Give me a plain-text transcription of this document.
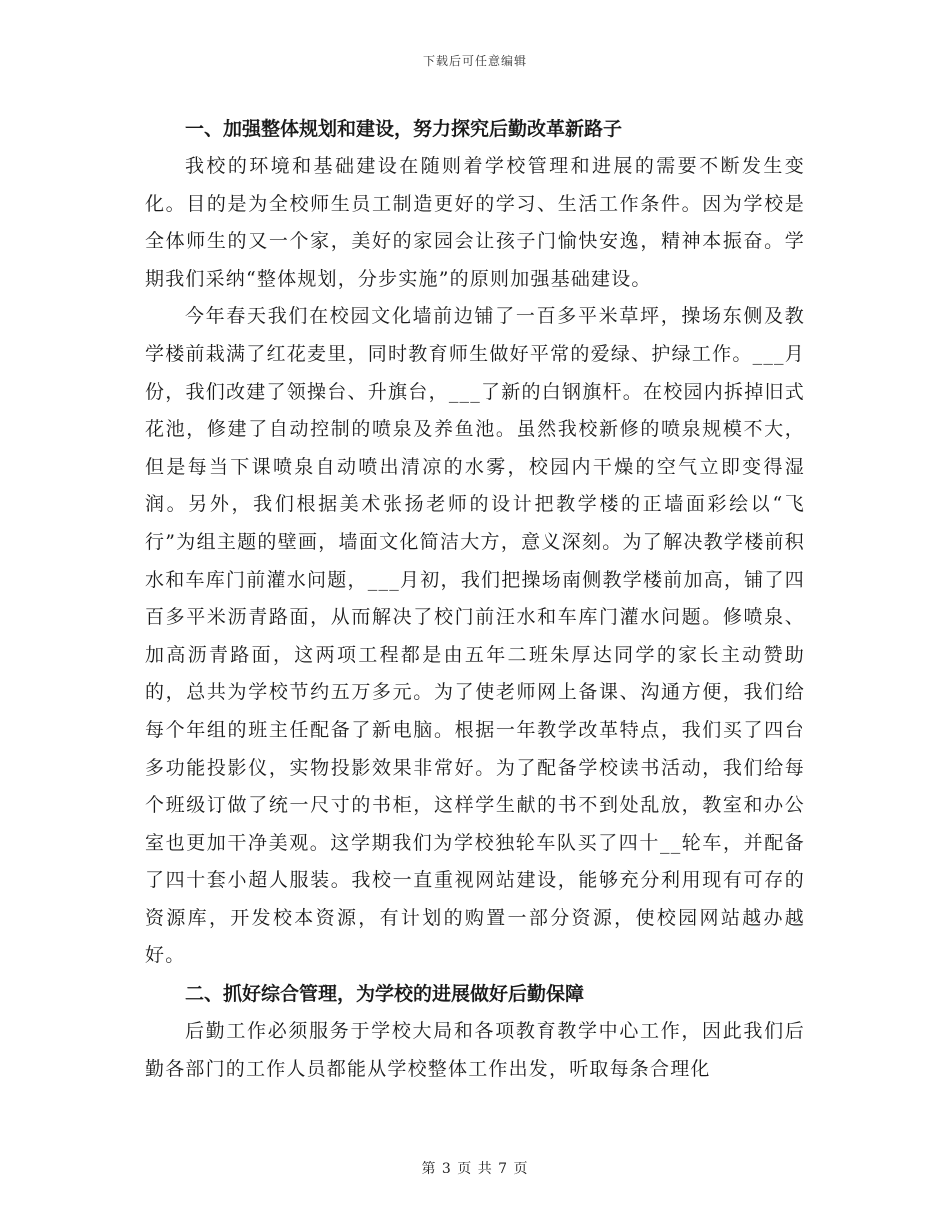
下载后可任意编辑
一、加强整体规划和建设，努力探究后勤改革新路子

我校的环境和基础建设在随则着学校管理和进展的需要不断发生变化。目的是为全校师生员工制造更好的学习、生活工作条件。因为学校是全体师生的又一个家，美好的家园会让孩子门愉快安逸，精神本振奋。学期我们采纳“整体规划，分步实施”的原则加强基础建设。

今年春天我们在校园文化墙前边铺了一百多平米草坪，操场东侧及教学楼前栽满了红花麦里，同时教育师生做好平常的爱绿、护绿工作。___月份，我们改建了领操台、升旗台，___了新的白钢旗杆。在校园内拆掉旧式花池，修建了自动控制的喷泉及养鱼池。虽然我校新修的喷泉规模不大，但是每当下课喷泉自动喷出清凉的水雾，校园内干燥的空气立即变得湿润。另外，我们根据美术张扬老师的设计把教学楼的正墙面彩绘以“飞行”为组主题的壁画，墙面文化简洁大方，意义深刻。为了解决教学楼前积水和车库门前灌水问题，___月初，我们把操场南侧教学楼前加高，铺了四百多平米沥青路面，从而解决了校门前汪水和车库门灌水问题。修喷泉、加高沥青路面，这两项工程都是由五年二班朱厚达同学的家长主动赞助的，总共为学校节约五万多元。为了使老师网上备课、沟通方便，我们给每个年组的班主任配备了新电脑。根据一年教学改革特点，我们买了四台多功能投影仪，实物投影效果非常好。为了配备学校读书活动，我们给每个班级订做了统一尺寸的书柜，这样学生献的书不到处乱放，教室和办公室也更加干净美观。这学期我们为学校独轮车队买了四十__轮车，并配备了四十套小超人服装。我校一直重视网站建设，能够充分利用现有可存的资源库，开发校本资源，有计划的购置一部分资源，使校园网站越办越好。

二、抓好综合管理，为学校的进展做好后勤保障

后勤工作必须服务于学校大局和各项教育教学中心工作，因此我们后勤各部门的工作人员都能从学校整体工作出发，听取每条合理化

第 3 页 共 7 页
